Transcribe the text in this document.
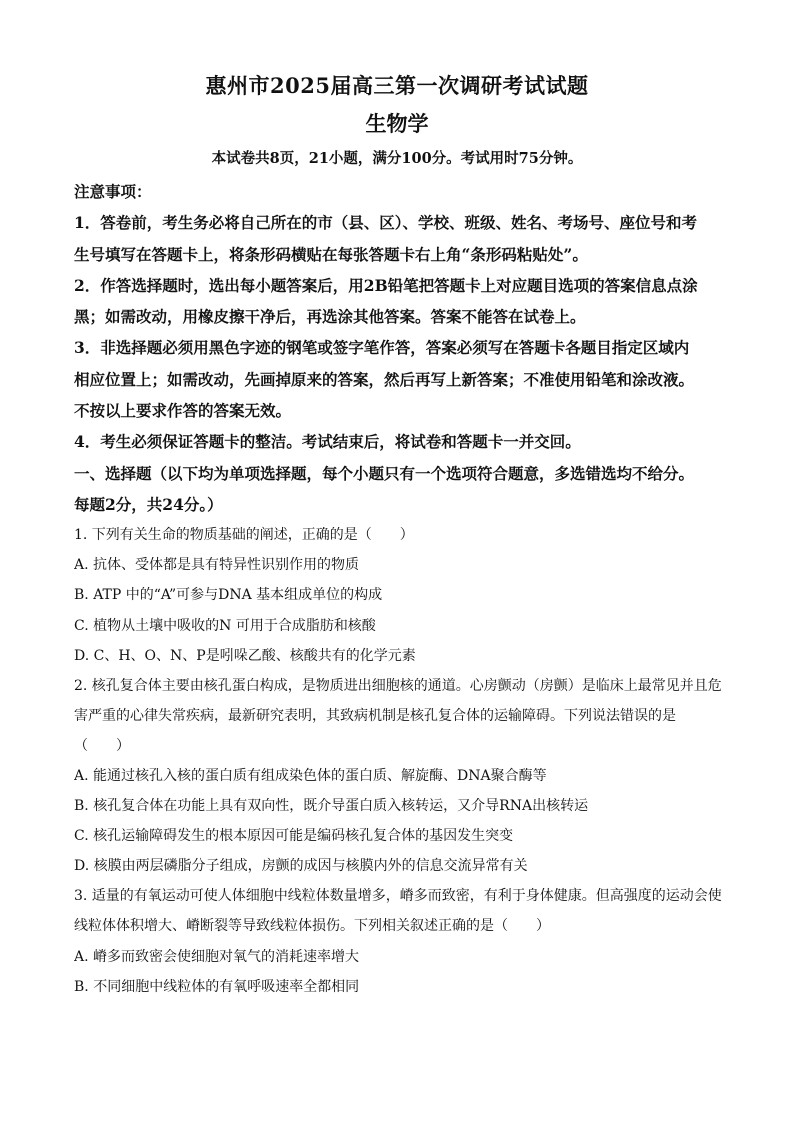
惠州市2025届高三第一次调研考试试题
生物学
本试卷共8页，21小题，满分100分。考试用时75分钟。
注意事项：
1．答卷前，考生务必将自己所在的市（县、区）、学校、班级、姓名、考场号、座位号和考
生号填写在答题卡上，将条形码横贴在每张答题卡右上角“条形码粘贴处”。
2．作答选择题时，选出每小题答案后，用2B铅笔把答题卡上对应题目选项的答案信息点涂
黑；如需改动，用橡皮擦干净后，再选涂其他答案。答案不能答在试卷上。
3．非选择题必须用黑色字迹的钢笔或签字笔作答，答案必须写在答题卡各题目指定区域内
相应位置上；如需改动，先画掉原来的答案，然后再写上新答案；不准使用铅笔和涂改液。
不按以上要求作答的答案无效。
4．考生必须保证答题卡的整洁。考试结束后，将试卷和答题卡一并交回。
一、选择题（以下均为单项选择题，每个小题只有一个选项符合题意，多选错选均不给分。
每题2分，共24分。）
1. 下列有关生命的物质基础的阐述，正确的是（　　）
A. 抗体、受体都是具有特异性识别作用的物质
B. ATP 中的“A”可参与DNA 基本组成单位的构成
C. 植物从土壤中吸收的N 可用于合成脂肪和核酸
D. C、H、O、N、P是吲哚乙酸、核酸共有的化学元素
2. 核孔复合体主要由核孔蛋白构成，是物质进出细胞核的通道。心房颤动（房颤）是临床上最常见并且危
害严重的心律失常疾病，最新研究表明，其致病机制是核孔复合体的运输障碍。下列说法错误的是
（　　）
A. 能通过核孔入核的蛋白质有组成染色体的蛋白质、解旋酶、DNA聚合酶等
B. 核孔复合体在功能上具有双向性，既介导蛋白质入核转运，又介导RNA出核转运
C. 核孔运输障碍发生的根本原因可能是编码核孔复合体的基因发生突变
D. 核膜由两层磷脂分子组成，房颤的成因与核膜内外的信息交流异常有关
3. 适量的有氧运动可使人体细胞中线粒体数量增多，嵴多而致密，有利于身体健康。但高强度的运动会使
线粒体体积增大、嵴断裂等导致线粒体损伤。下列相关叙述正确的是（　　）
A. 嵴多而致密会使细胞对氧气的消耗速率增大
B. 不同细胞中线粒体的有氧呼吸速率全都相同
